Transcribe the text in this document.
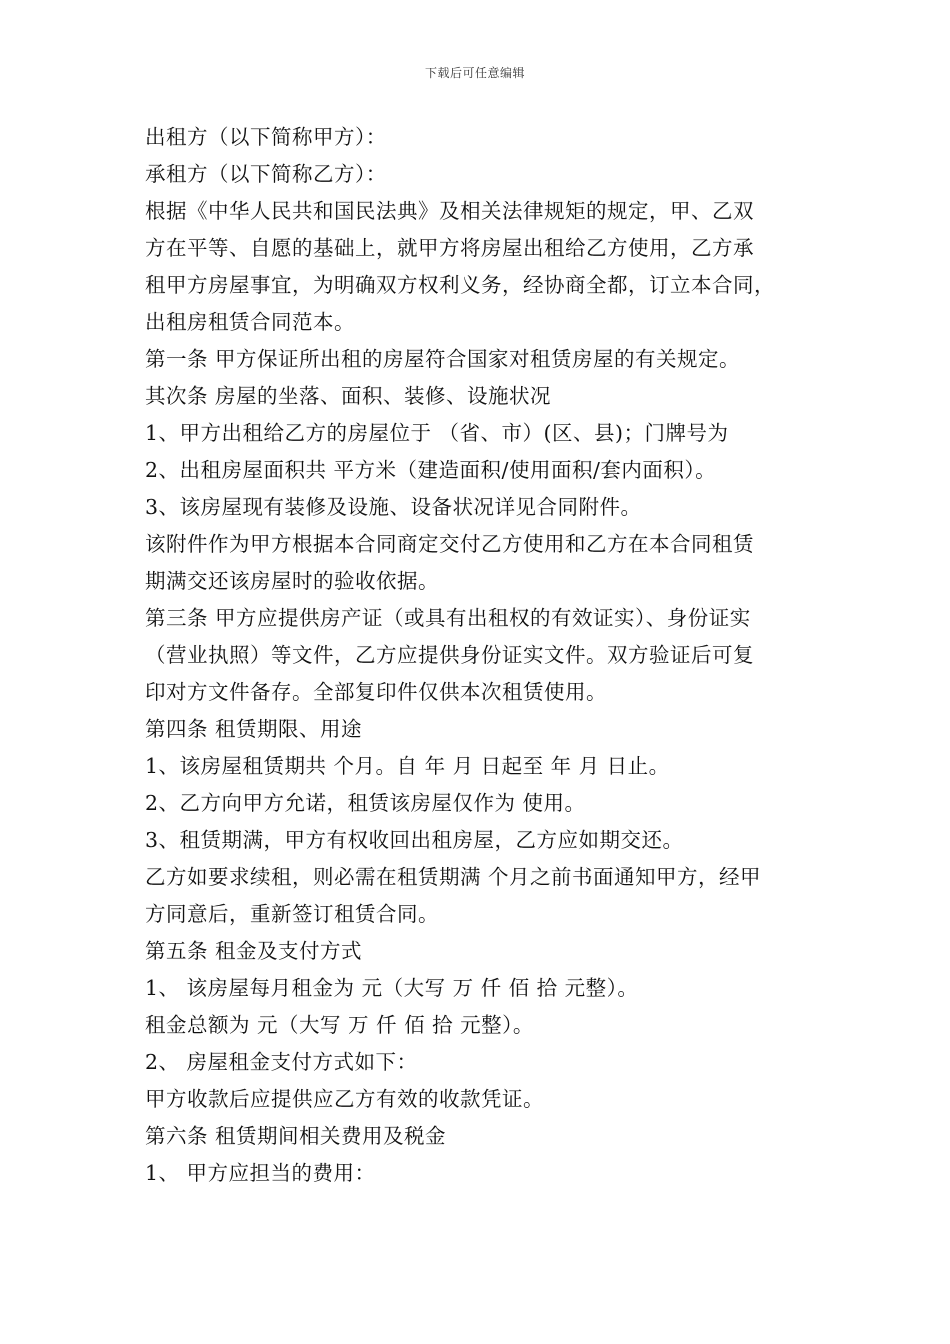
下载后可任意编辑
出租方（以下简称甲方）：
承租方（以下简称乙方）：
根据《中华人民共和国民法典》及相关法律规矩的规定，甲、乙双
方在平等、自愿的基础上，就甲方将房屋出租给乙方使用，乙方承
租甲方房屋事宜，为明确双方权利义务，经协商全都，订立本合同，
出租房租赁合同范本。
第一条 甲方保证所出租的房屋符合国家对租赁房屋的有关规定。
其次条 房屋的坐落、面积、装修、设施状况
1、甲方出租给乙方的房屋位于 （省、市）(区、县)；门牌号为
2、出租房屋面积共 平方米（建造面积/使用面积/套内面积）。
3、该房屋现有装修及设施、设备状况详见合同附件。
该附件作为甲方根据本合同商定交付乙方使用和乙方在本合同租赁
期满交还该房屋时的验收依据。
第三条 甲方应提供房产证（或具有出租权的有效证实）、身份证实
（营业执照）等文件，乙方应提供身份证实文件。双方验证后可复
印对方文件备存。全部复印件仅供本次租赁使用。
第四条 租赁期限、用途
1、该房屋租赁期共 个月。自 年 月 日起至 年 月 日止。
2、乙方向甲方允诺，租赁该房屋仅作为 使用。
3、租赁期满，甲方有权收回出租房屋，乙方应如期交还。
乙方如要求续租，则必需在租赁期满 个月之前书面通知甲方，经甲
方同意后，重新签订租赁合同。
第五条 租金及支付方式
1、 该房屋每月租金为 元（大写 万 仟 佰 拾 元整）。
租金总额为 元（大写 万 仟 佰 拾 元整）。
2、 房屋租金支付方式如下：
甲方收款后应提供应乙方有效的收款凭证。
第六条 租赁期间相关费用及税金
1、 甲方应担当的费用：
